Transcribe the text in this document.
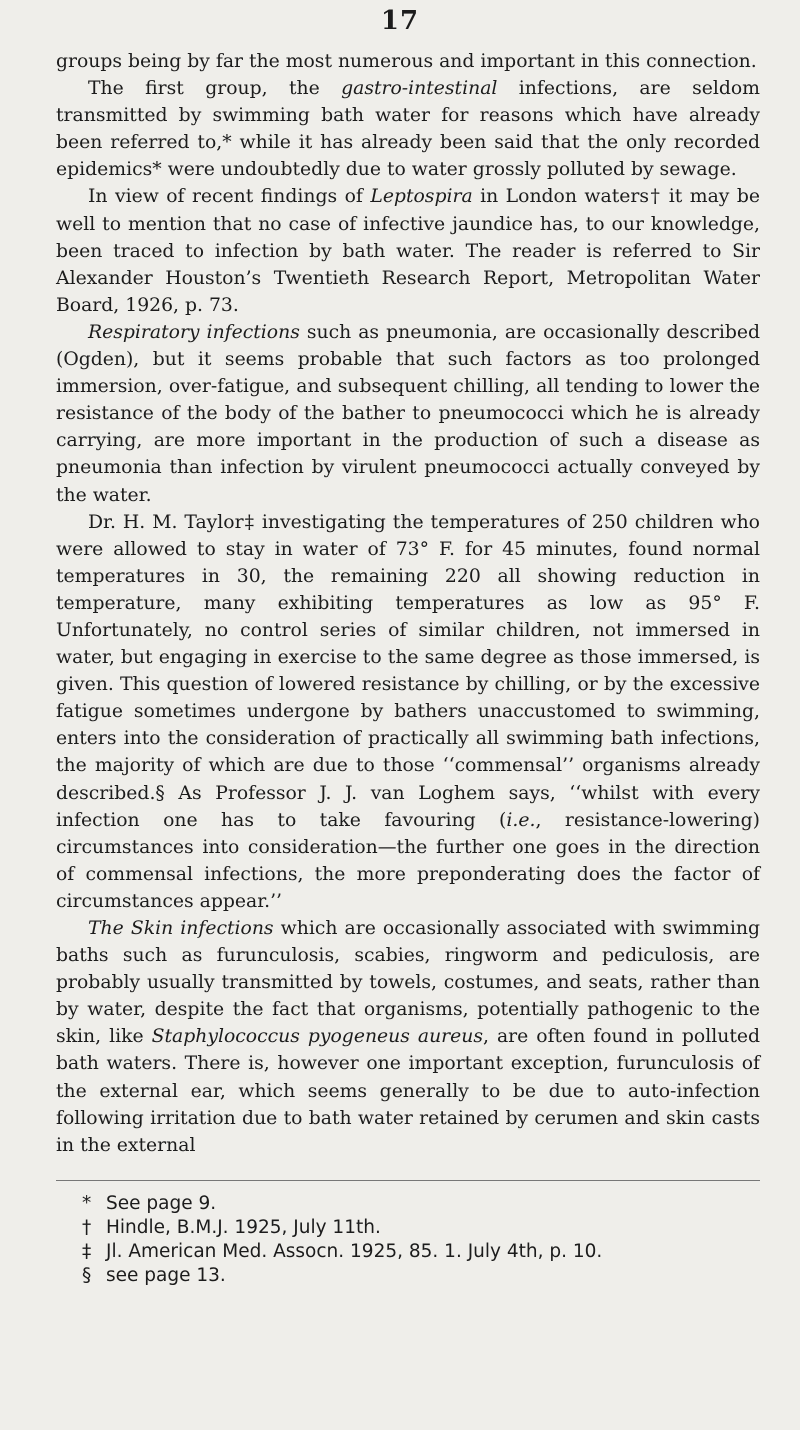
17

groups being by far the most numerous and important in this connection.

The first group, the gastro-intestinal infections, are seldom transmitted by swimming bath water for reasons which have already been referred to,* while it has already been said that the only recorded epidemics* were undoubtedly due to water grossly polluted by sewage.

In view of recent findings of Leptospira in London waters† it may be well to mention that no case of infective jaundice has, to our knowledge, been traced to infection by bath water. The reader is referred to Sir Alexander Houston’s Twentieth Research Report, Metropolitan Water Board, 1926, p. 73.

Respiratory infections such as pneumonia, are occasionally described (Ogden), but it seems probable that such factors as too prolonged immersion, over-fatigue, and subsequent chilling, all tending to lower the resistance of the body of the bather to pneumococci which he is already carrying, are more important in the production of such a disease as pneumonia than infection by virulent pneumococci actually conveyed by the water.

Dr. H. M. Taylor‡ investigating the temperatures of 250 children who were allowed to stay in water of 73° F. for 45 minutes, found normal temperatures in 30, the remaining 220 all showing reduction in temperature, many exhibiting temperatures as low as 95° F. Unfortunately, no control series of similar children, not immersed in water, but engaging in exercise to the same degree as those immersed, is given. This question of lowered resistance by chilling, or by the excessive fatigue sometimes undergone by bathers unaccustomed to swimming, enters into the consideration of practically all swimming bath infections, the majority of which are due to those ‘‘commensal’’ organisms already described.§ As Professor J. J. van Loghem says, ‘‘whilst with every infection one has to take favouring (i.e., resistance-lowering) circumstances into consideration—the further one goes in the direction of commensal infections, the more preponderating does the factor of circumstances appear.’’

The Skin infections which are occasionally associated with swimming baths such as furunculosis, scabies, ringworm and pediculosis, are probably usually transmitted by towels, costumes, and seats, rather than by water, despite the fact that organisms, potentially pathogenic to the skin, like Staphylococcus pyogeneus aureus, are often found in polluted bath waters. There is, however one important exception, furunculosis of the external ear, which seems generally to be due to auto-infection following irritation due to bath water retained by cerumen and skin casts in the external

* See page 9.
† Hindle, B.M.J. 1925, July 11th.
‡ Jl. American Med. Assocn. 1925, 85. 1. July 4th, p. 10.
§ see page 13.
